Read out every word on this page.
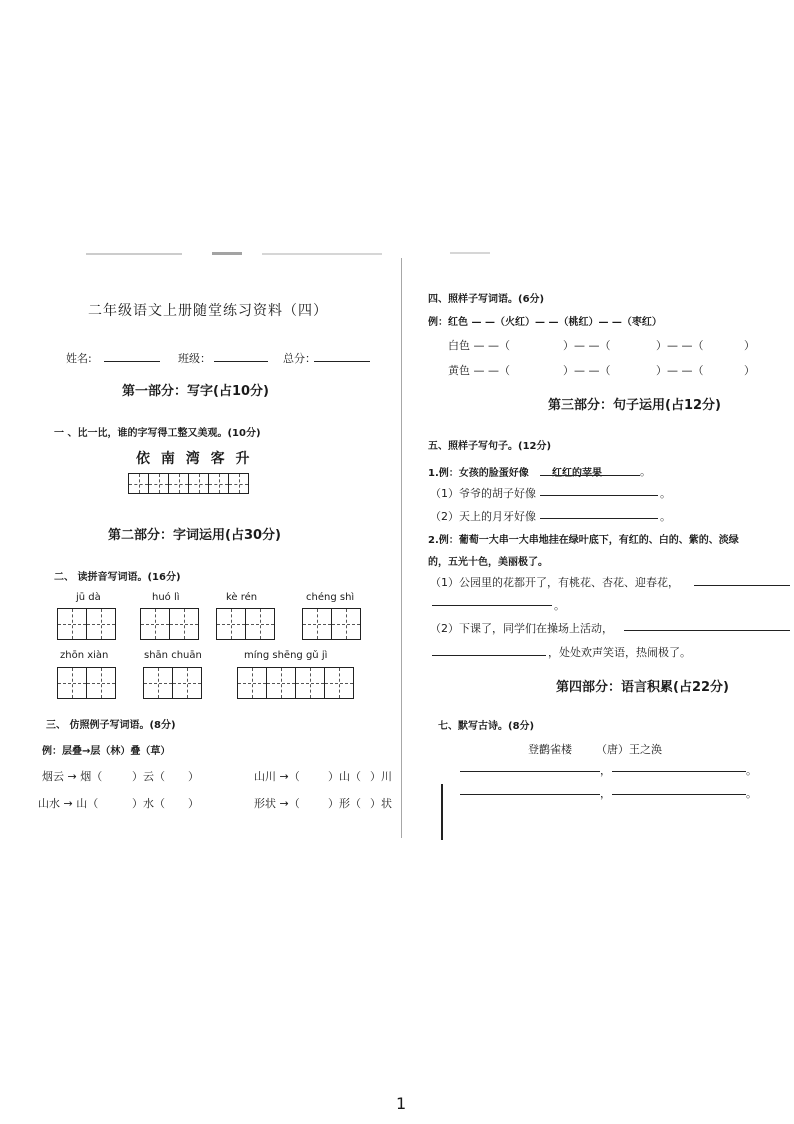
二年级语文上册随堂练习资料（四）
姓名:	班级：	总分：
第一部分：写字(占10分)
一 、比一比，谁的字写得工整又美观。(10分)
依 南 湾 客 升
第二部分：字词运用(占30分)
二、 读拼音写词语。(16分)
jū dà	huó lì	kè rén	chéng shì
zhōn xiàn	shān chuān	míng shēng gǔ jì
三、 仿照例子写词语。(8分)
例：层叠→层（林）叠（草）
烟云 → 烟（	）云（ ）	山川 →（	）山（ ）川
山水 → 山（	）水（ ）	形状 →（	）形（ ）状
四、照样子写词语。(6分)
例：红色 — —（火红）— —（桃红）— —（枣红）
白色 — —（	）— —（	）— —（	）
黄色 — —（	）— —（	）— —（	）
第三部分：句子运用(占12分)
五、照样子写句子。(12分)
1.例：女孩的脸蛋好像 红红的苹果	。
（1）爷爷的胡子好像	。
（2）天上的月牙好像	。
2.例：葡萄一大串一大串地挂在绿叶底下，有红的、白的、紫的、淡绿
的，五光十色，美丽极了。
（1）公园里的花都开了，有桃花、杏花、迎春花，
。
（2）下课了，同学们在操场上活动，
，处处欢声笑语，热闹极了。
第四部分：语言积累(占22分)
七、默写古诗。(8分)
登鹳雀楼 （唐）王之涣
，	。
，	。
1
